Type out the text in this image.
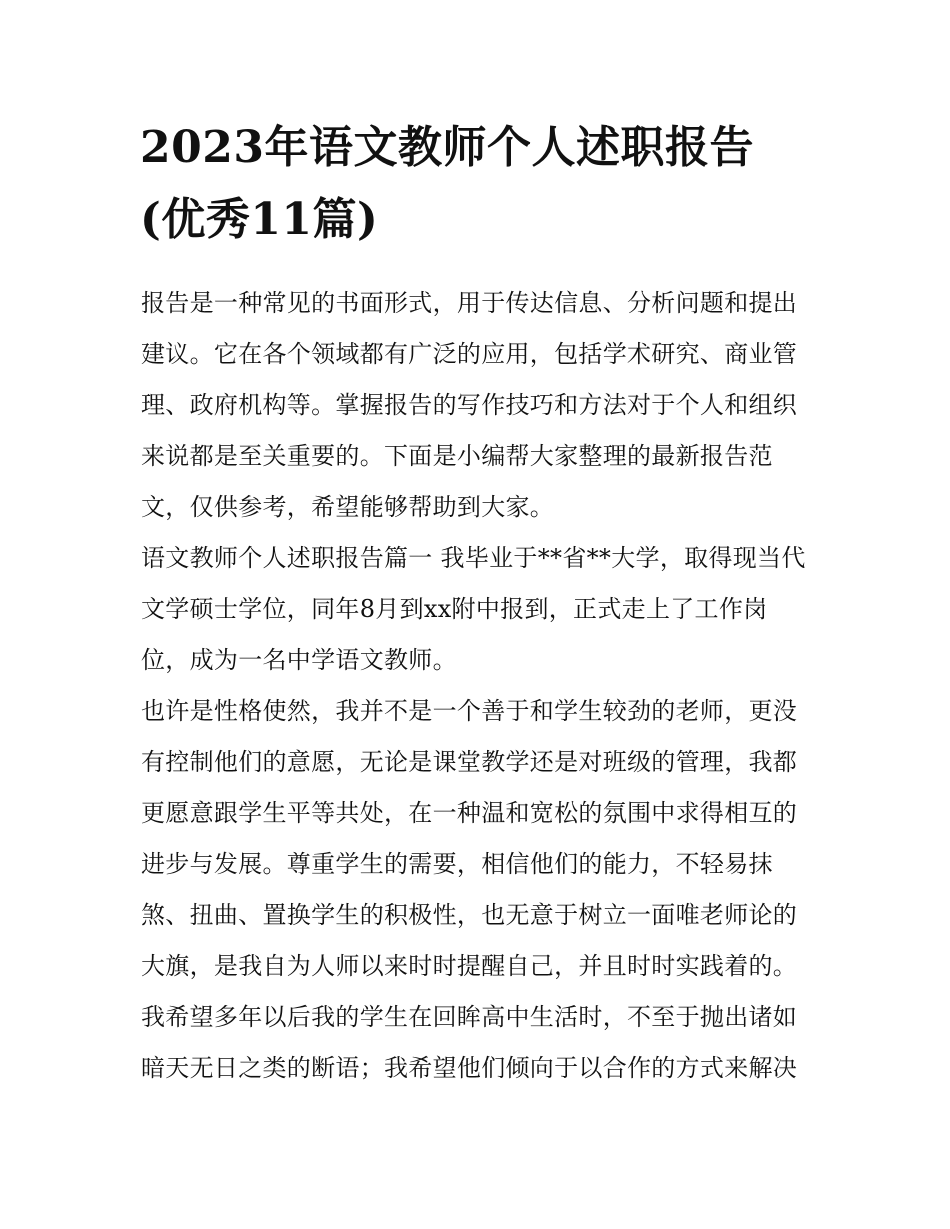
2023年语文教师个人述职报告
(优秀11篇)
报告是一种常见的书面形式，用于传达信息、分析问题和提出
建议。它在各个领域都有广泛的应用，包括学术研究、商业管
理、政府机构等。掌握报告的写作技巧和方法对于个人和组织
来说都是至关重要的。下面是小编帮大家整理的最新报告范
文，仅供参考，希望能够帮助到大家。
语文教师个人述职报告篇一 我毕业于**省**大学，取得现当代
文学硕士学位，同年8月到xx附中报到，正式走上了工作岗
位，成为一名中学语文教师。
也许是性格使然，我并不是一个善于和学生较劲的老师，更没
有控制他们的意愿，无论是课堂教学还是对班级的管理，我都
更愿意跟学生平等共处，在一种温和宽松的氛围中求得相互的
进步与发展。尊重学生的需要，相信他们的能力，不轻易抹
煞、扭曲、置换学生的积极性，也无意于树立一面唯老师论的
大旗，是我自为人师以来时时提醒自己，并且时时实践着的。
我希望多年以后我的学生在回眸高中生活时，不至于抛出诸如
暗天无日之类的断语；我希望他们倾向于以合作的方式来解决
